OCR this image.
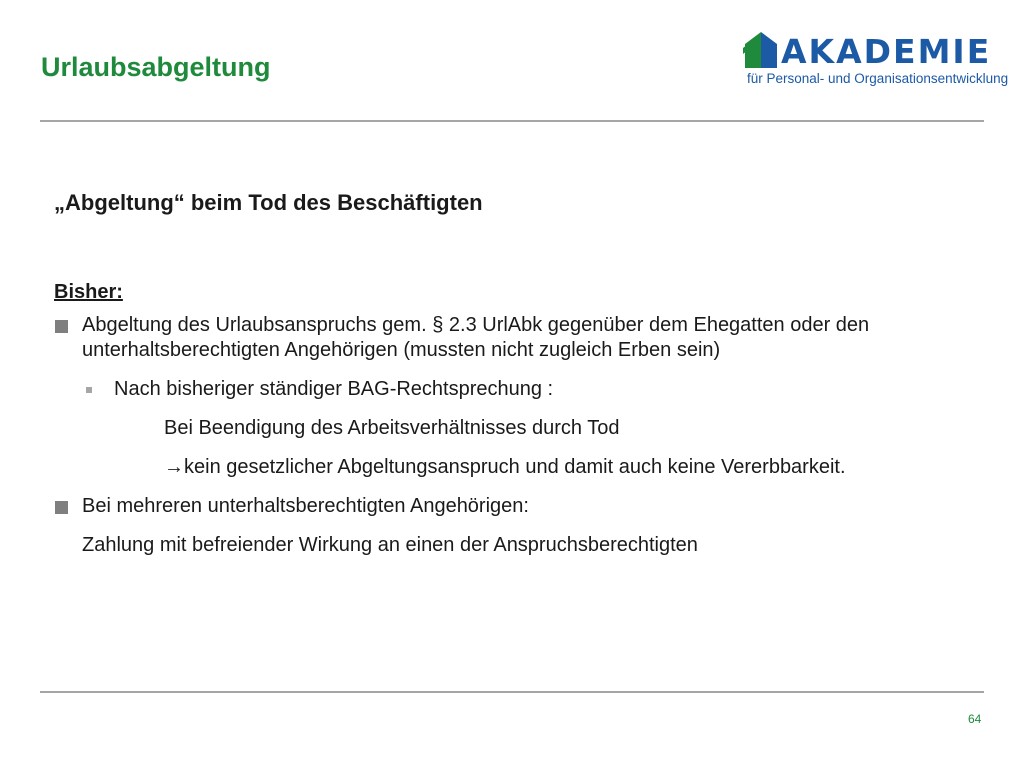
Urlaubsabgeltung	AKADEMIE
für Personal- und Organisationsentwicklung
„Abgeltung“ beim Tod des Beschäftigten
Bisher:
Abgeltung des Urlaubsanspruchs gem. § 2.3 UrlAbk gegenüber dem Ehegatten oder den unterhaltsberechtigten Angehörigen (mussten nicht zugleich Erben sein)
Nach bisheriger ständiger BAG-Rechtsprechung :
Bei Beendigung des Arbeitsverhältnisses durch Tod
→kein gesetzlicher Abgeltungsanspruch und damit auch keine Vererbbarkeit.
Bei mehreren unterhaltsberechtigten Angehörigen:
Zahlung mit befreiender Wirkung an einen der Anspruchsberechtigten
64
